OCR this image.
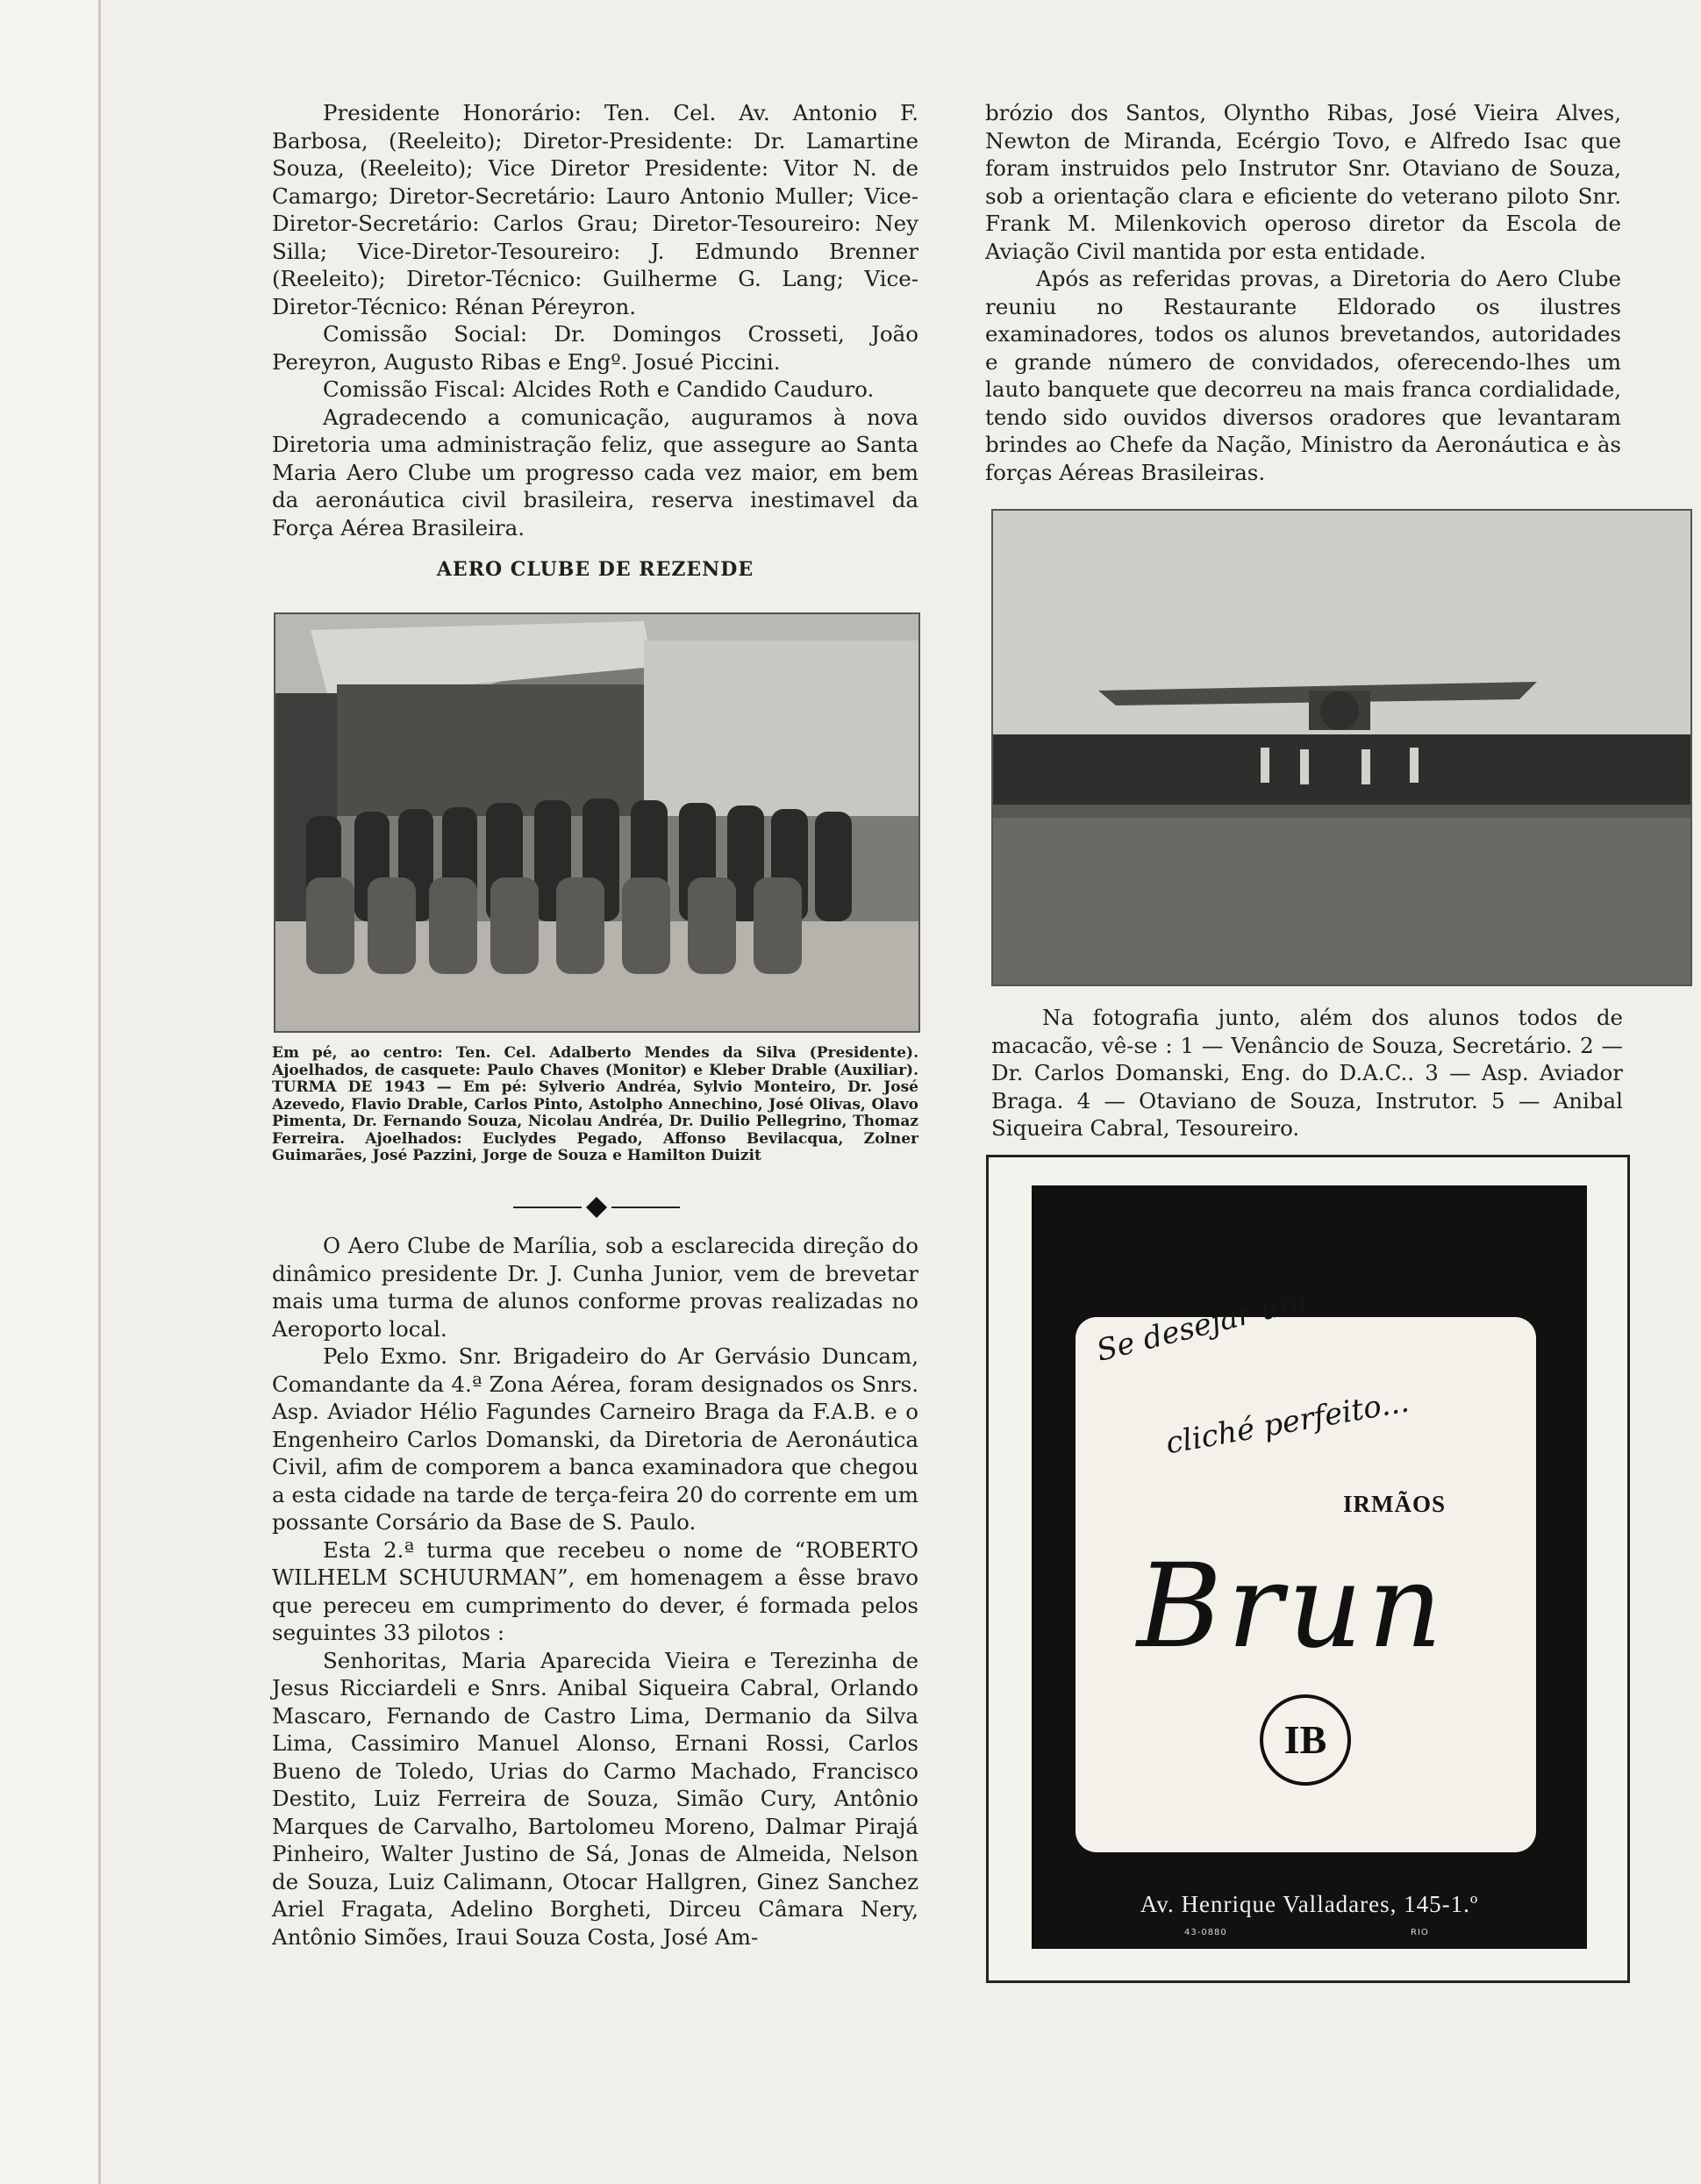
Presidente Honorário: Ten. Cel. Av. Antonio F. Barbosa, (Reeleito); Diretor-Presidente: Dr. Lamartine Souza, (Reeleito); Vice Diretor Presidente: Vitor N. de Camargo; Diretor-Secretário: Lauro Antonio Muller; Vice-Diretor-Secretário: Carlos Grau; Diretor-Tesoureiro: Ney Silla; Vice-Diretor-Tesoureiro: J. Edmundo Brenner (Reeleito); Diretor-Técnico: Guilherme G. Lang; Vice-Diretor-Técnico: Rénan Péreyron.

Comissão Social: Dr. Domingos Crosseti, João Pereyron, Augusto Ribas e Engº. Josué Piccini.

Comissão Fiscal: Alcides Roth e Candido Cauduro.

Agradecendo a comunicação, auguramos à nova Diretoria uma administração feliz, que assegure ao Santa Maria Aero Clube um progresso cada vez maior, em bem da aeronáutica civil brasileira, reserva inestimavel da Força Aérea Brasileira.

AERO CLUBE DE REZENDE
Em pé, ao centro: Ten. Cel. Adalberto Mendes da Silva (Presidente). Ajoelhados, de casquete: Paulo Chaves (Monitor) e Kleber Drable (Auxiliar). TURMA DE 1943 — Em pé: Sylverio Andréa, Sylvio Monteiro, Dr. José Azevedo, Flavio Drable, Carlos Pinto, Astolpho Annechino, José Olivas, Olavo Pimenta, Dr. Fernando Souza, Nicolau Andréa, Dr. Duilio Pellegrino, Thomaz Ferreira. Ajoelhados: Euclydes Pegado, Affonso Bevilacqua, Zolner Guimarães, José Pazzini, Jorge de Souza e Hamilton Duizit

O Aero Clube de Marília, sob a esclarecida direção do dinâmico presidente Dr. J. Cunha Junior, vem de brevetar mais uma turma de alunos conforme provas realizadas no Aeroporto local.

Pelo Exmo. Snr. Brigadeiro do Ar Gervásio Duncam, Comandante da 4.ª Zona Aérea, foram designados os Snrs. Asp. Aviador Hélio Fagundes Carneiro Braga da F.A.B. e o Engenheiro Carlos Domanski, da Diretoria de Aeronáutica Civil, afim de comporem a banca examinadora que chegou a esta cidade na tarde de terça-feira 20 do corrente em um possante Corsário da Base de S. Paulo.

Esta 2.ª turma que recebeu o nome de “ROBERTO WILHELM SCHUURMAN”, em homenagem a êsse bravo que pereceu em cumprimento do dever, é formada pelos seguintes 33 pilotos :

Senhoritas, Maria Aparecida Vieira e Terezinha de Jesus Ricciardeli e Snrs. Anibal Siqueira Cabral, Orlando Mascaro, Fernando de Castro Lima, Dermanio da Silva Lima, Cassimiro Manuel Alonso, Ernani Rossi, Carlos Bueno de Toledo, Urias do Carmo Machado, Francisco Destito, Luiz Ferreira de Souza, Simão Cury, Antônio Marques de Carvalho, Bartolomeu Moreno, Dalmar Pirajá Pinheiro, Walter Justino de Sá, Jonas de Almeida, Nelson de Souza, Luiz Calimann, Otocar Hallgren, Ginez Sanchez Ariel Fragata, Adelino Borgheti, Dirceu Câmara Nery, Antônio Simões, Iraui Souza Costa, José Am-

brózio dos Santos, Olyntho Ribas, José Vieira Alves, Newton de Miranda, Ecérgio Tovo, e Alfredo Isac que foram instruidos pelo Instrutor Snr. Otaviano de Souza, sob a orientação clara e eficiente do veterano piloto Snr. Frank M. Milenkovich operoso diretor da Escola de Aviação Civil mantida por esta entidade.

Após as referidas provas, a Diretoria do Aero Clube reuniu no Restaurante Eldorado os ilustres examinadores, todos os alunos brevetandos, autoridades e grande número de convidados, oferecendo-lhes um lauto banquete que decorreu na mais franca cordialidade, tendo sido ouvidos diversos oradores que levantaram brindes ao Chefe da Nação, Ministro da Aeronáutica e às forças Aéreas Brasileiras.

Na fotografia junto, além dos alunos todos de macacão, vê-se : 1 — Venâncio de Souza, Secretário. 2 — Dr. Carlos Domanski, Eng. do D.A.C.. 3 — Asp. Aviador Braga. 4 — Otaviano de Souza, Instrutor. 5 — Anibal Siqueira Cabral, Tesoureiro.

Se desejar um
cliché perfeito...
IRMÃOS
Brun
IB
Av. Henrique Valladares, 145-1.º
43-0880	RIO
